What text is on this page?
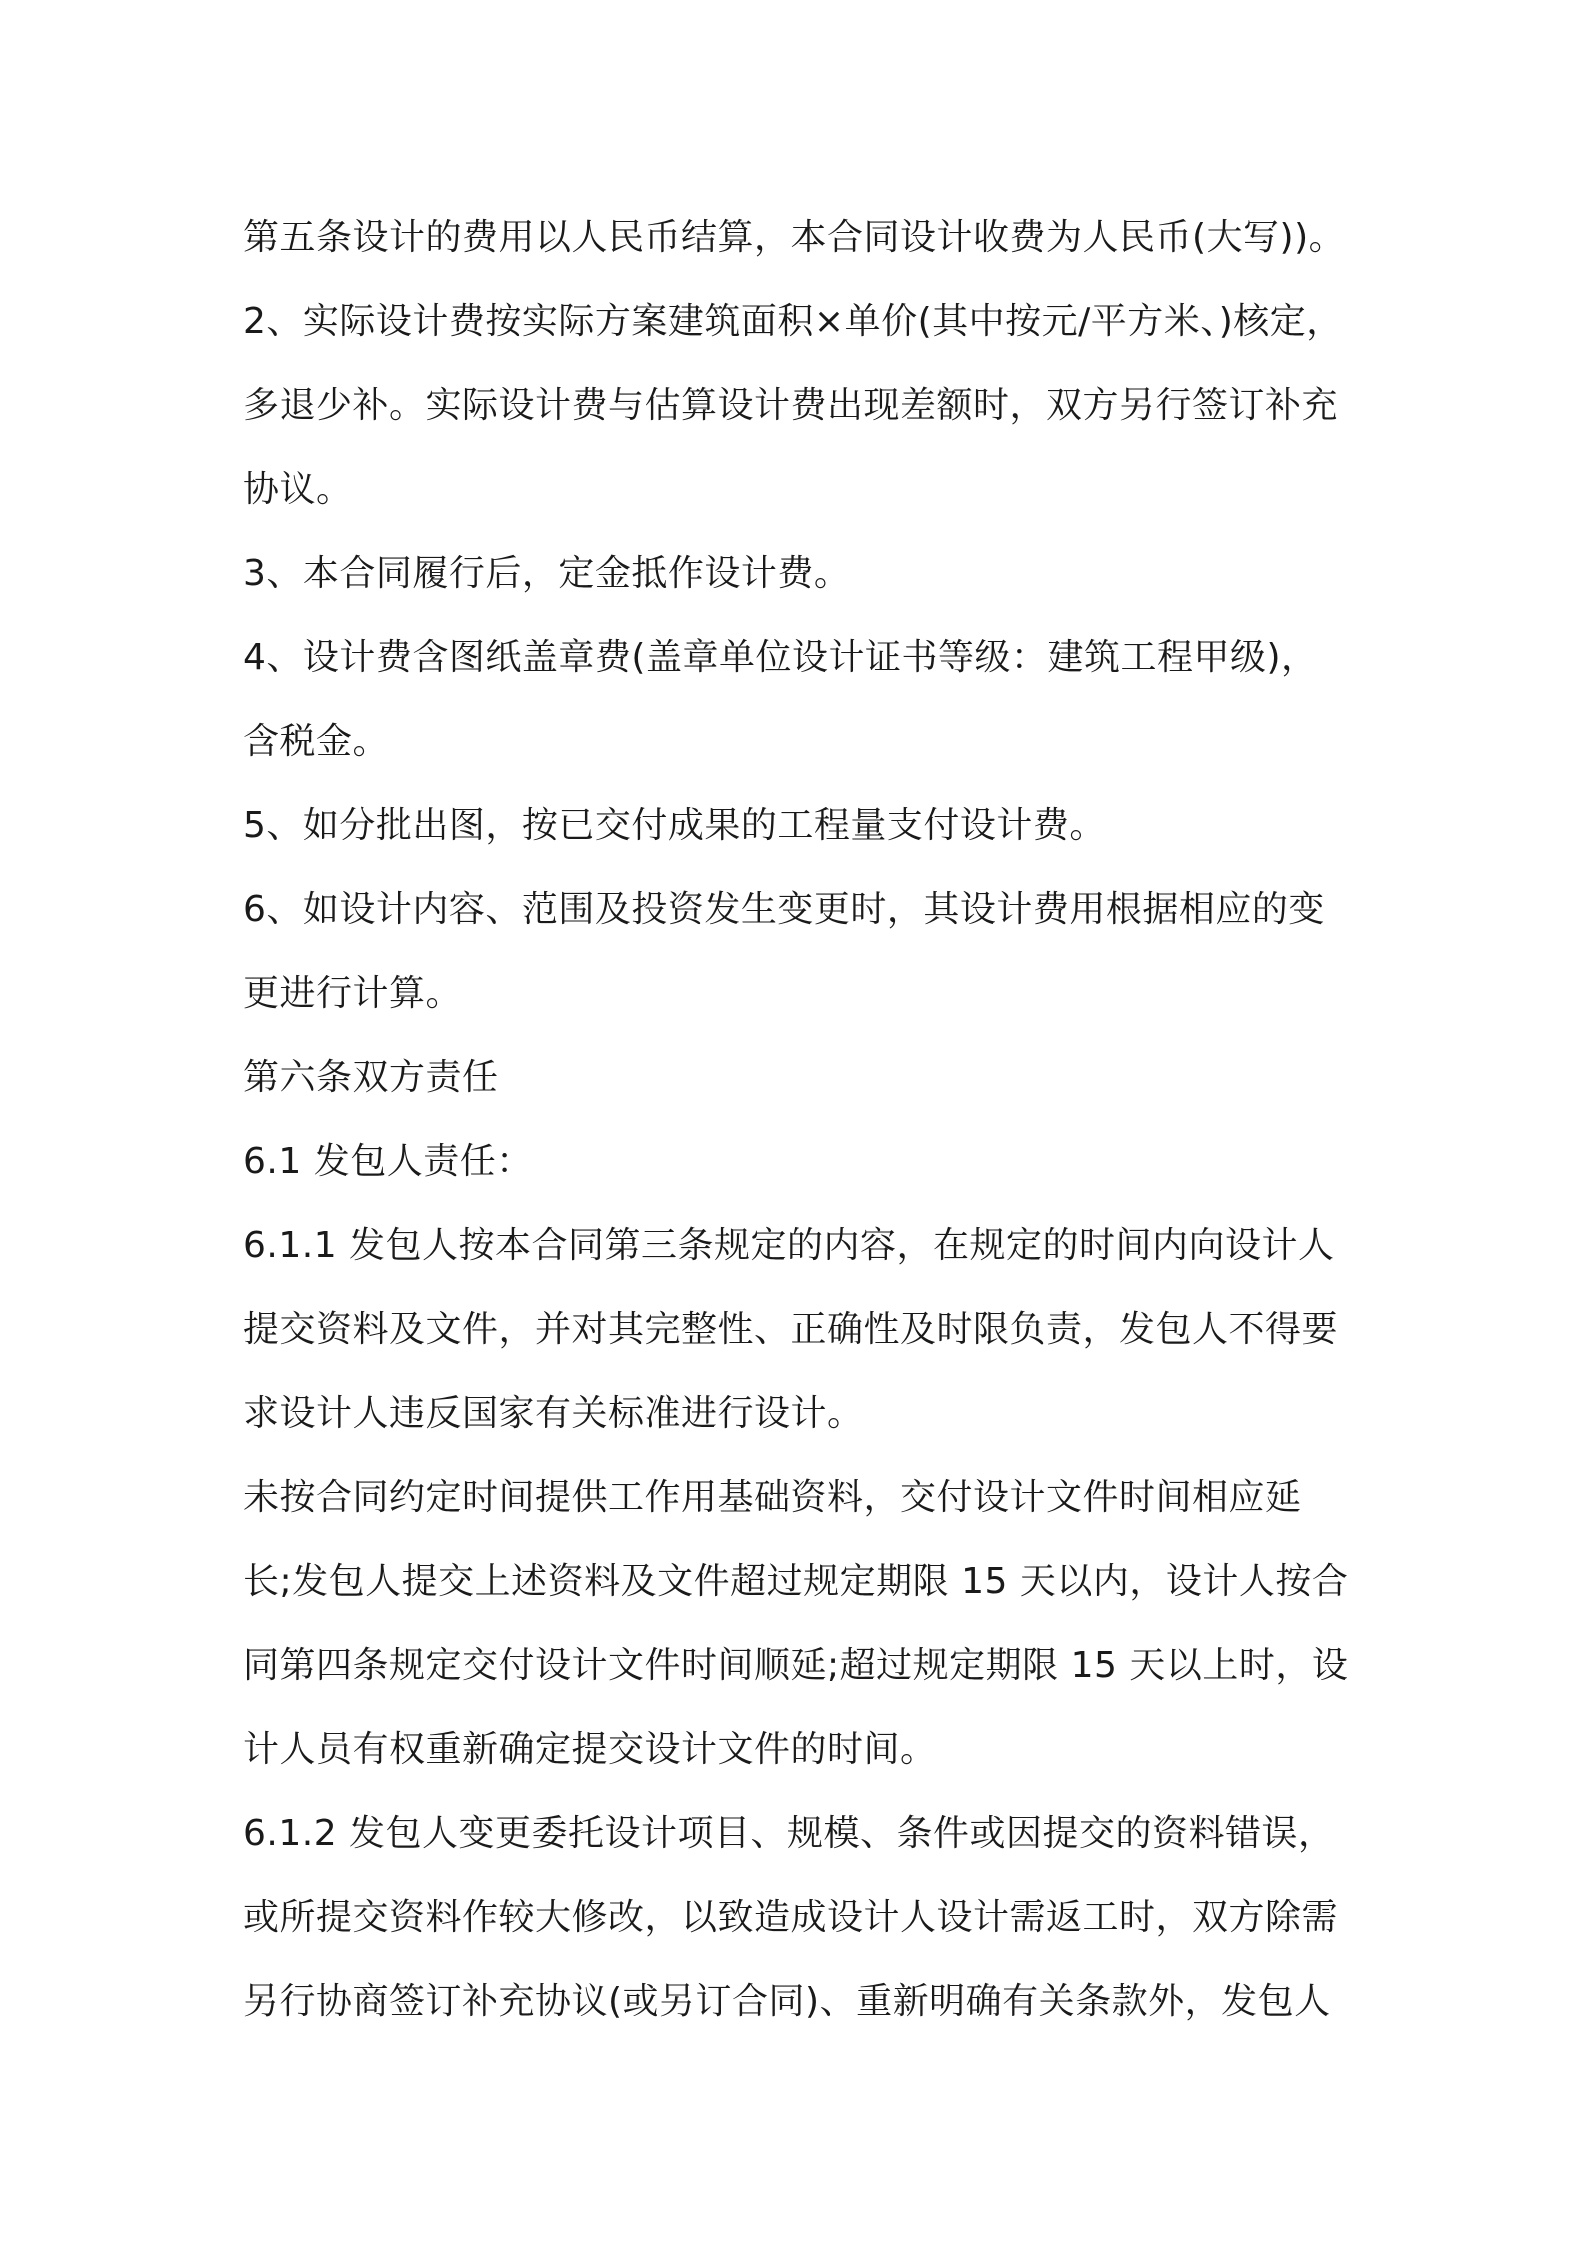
第五条设计的费用以人民币结算，本合同设计收费为人民币(大写))。

2、实际设计费按实际方案建筑面积×单价(其中按元/平方米、)核定，

多退少补。实际设计费与估算设计费出现差额时，双方另行签订补充

协议。

3、本合同履行后，定金抵作设计费。

4、设计费含图纸盖章费(盖章单位设计证书等级：建筑工程甲级)，

含税金。

5、如分批出图，按已交付成果的工程量支付设计费。

6、如设计内容、范围及投资发生变更时，其设计费用根据相应的变

更进行计算。

第六条双方责任

6.1 发包人责任：

6.1.1 发包人按本合同第三条规定的内容，在规定的时间内向设计人

提交资料及文件，并对其完整性、正确性及时限负责，发包人不得要

求设计人违反国家有关标准进行设计。

未按合同约定时间提供工作用基础资料，交付设计文件时间相应延

长;发包人提交上述资料及文件超过规定期限 15 天以内，设计人按合

同第四条规定交付设计文件时间顺延;超过规定期限 15 天以上时，设

计人员有权重新确定提交设计文件的时间。

6.1.2 发包人变更委托设计项目、规模、条件或因提交的资料错误，

或所提交资料作较大修改，以致造成设计人设计需返工时，双方除需

另行协商签订补充协议(或另订合同)、重新明确有关条款外，发包人
